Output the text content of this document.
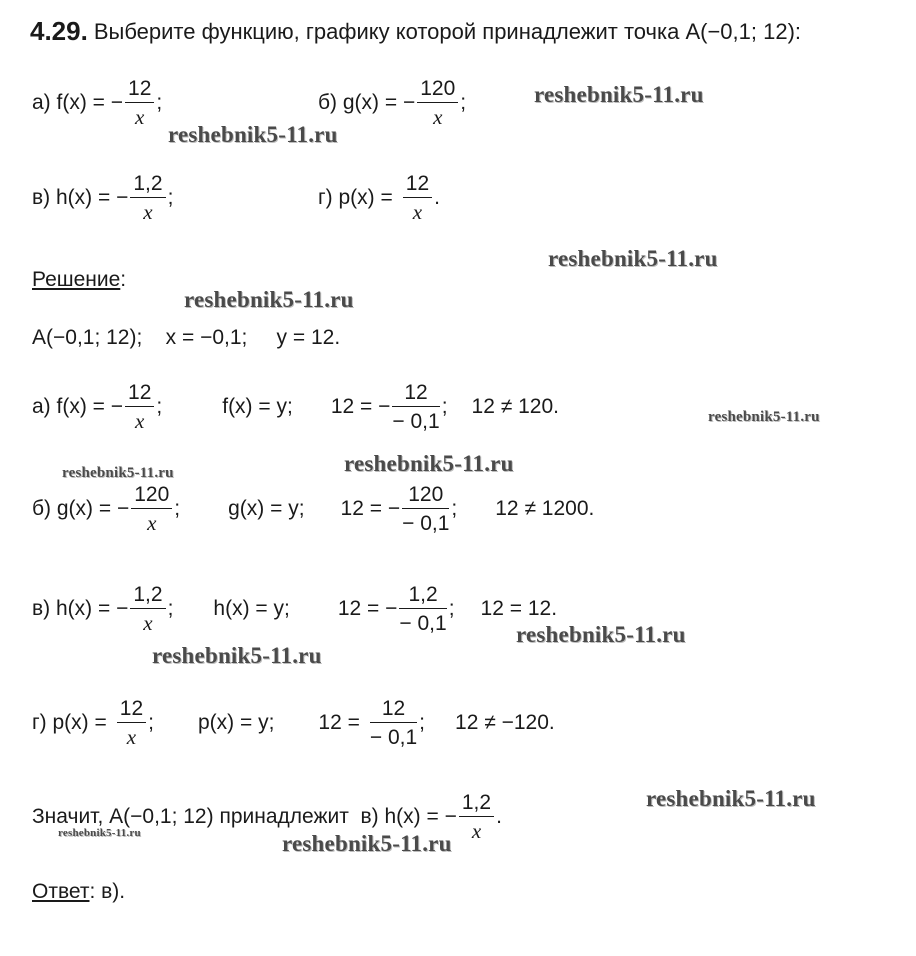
4.29. Выберите функцию, графику которой принадлежит точка A(−0,1; 12):
а) f(x) = − $\frac{12}{x}$ ;	б) g(x) = − $\frac{120}{x}$ ;
в) h(x) = − $\frac{1,2}{x}$ ;	г) $p(x) = \frac{12}{x}$ .
Решение:
A(−0,1; 12);    x = −0,1;     y = 12.
а) f(x) = − $\frac{12}{x}$ ;	f(x) = y; 12 = − $\frac{12}{- 0,1}$ ; 12 ≠ 120.
б) g(x) = − $\frac{120}{x}$ ; g(x) = y; 12 = − $\frac{120}{- 0,1}$ ; 12 ≠ 1200.
в) h(x) = − $\frac{1,2}{x}$ ; h(x) = y; 12 = − $\frac{1,2}{- 0,1}$ ; 12 = 12.
г) $p(x) = \frac{12}{x}$ ; p(x) = y; $12 = \frac{12}{- 0,1}$ ; 12 ≠ −120.
Значит, A(−0,1; 12) принадлежит  в) h(x) = − $\frac{1,2}{x}$ .
Ответ: в).
reshebnik5-11.ru
reshebnik5-11.ru
reshebnik5-11.ru
reshebnik5-11.ru
reshebnik5-11.ru
reshebnik5-11.ru
reshebnik5-11.ru
reshebnik5-11.ru
reshebnik5-11.ru
reshebnik5-11.ru
reshebnik5-11.ru	reshebnik5-11.ru
